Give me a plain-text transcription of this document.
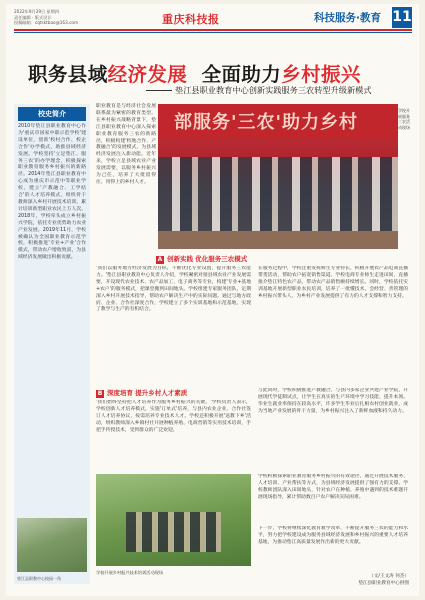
2022年9月29日 星期四
责任编辑 · 版式设计
投稿邮箱：cqtsktbao@163.com	重庆科技报	科技服务·教育 11
职务县域经济发展 全面助力乡村振兴
垫江县职业教育中心创新实践服务三农转型升级新模式
校史简介
2010年垫江县职业教育中心作为'重庆市国家中职示范学校'建设单位，创新'校村合作、校企合作'办学模式，助推县域经济发展。学校坚持'立足垫江、服务三农'的办学理念，积极探索职业教育服务乡村振兴的新路径。2014年垫江县职业教育中心成为重庆市示范中等职业学校，建立'产教融合、工学结合'的人才培养模式，组织骨干教师深入乡村开展技术培训，累计培训新型职业农民上万人次。2018年，学校牵头成立乡村振兴学院，依托专业优势助力农业产业发展。2019年11月，学校被确认为全国职业教育示范学校，积极推进'专业+产业'合作模式，带动农户增收致富，为县域经济发展做出积极贡献。
垫江县职教中心校园一角
职业教育是与经济社会发展联系最为紧密的教育类型。在乡村振兴战略背景下，垫江县职业教育中心深入探索职业教育服务三农的新路径，积极构建'校地合作、产教融合'的发展模式，为县域经济发展注入新动能。近年来，学校立足县域农业产业发展需要，以服务乡村振兴为己任，培养了大批留得住、用得上的乡村人才。
部服务'三农'助力乡村
学校开展服务三农活动现场
A 创新实践 优化服务三农模式
'我们以服务地方经济发展为目标，不断优化专业设置，提升服务三农能力。'垫江县职业教育中心负责人介绍，学校紧密对接县域农业产业发展需要，开设现代农业技术、农产品加工、电子商务等专业，构建'专业+基地+农户'的服务模式，把课堂搬到田间地头。学校组建专家服务团队，定期深入乡村开展技术指导，帮助农户解决生产中的实际问题。通过与地方政府、企业、合作社深度合作，学校建立了多个实训基地和示范基地，实现了教学与生产的有机结合。
在服务过程中，学校注重发挥师生专业特长，积极开展农产品电商直播带货活动，帮助农户拓宽销售渠道。学校电商专业师生走进田间，直播推介垫江特色农产品，带动农产品销售额持续增长。同时，学校依托实训基地开展新型职业农民培训，培养了一批懂技术、会经营、善管理的乡村振兴带头人，为乡村产业发展提供了有力的人才支撑和智力支持。
B 深度培育 提升乡村人才素质
'我们始终坚持把人才培养作为服务乡村振兴的关键。'学校负责人表示，学校创新人才培养模式，实施'订单式'培养，与县内农业企业、合作社签订人才培养协议，按需培养专业技术人才。学校还积极开展'送教下乡'活动，组织教师深入乡镇村社开展种植养殖、电商营销等实用技术培训，手把手传授技术，受到群众的广泛欢迎。
与此同时，学校积极推进产教融合，与县内多家企业共建产业学院，开展现代学徒制试点，让学生在真实的生产环境中学习技能、提升本领。毕业生就业率保持在较高水平，许多学生毕业后扎根农村创业就业，成为当地产业发展的骨干力量，为乡村振兴注入了新鲜血液和持久动力。
学校积极探索职业教育服务乡村振兴的有效途径，通过开展技术服务、人才培训、产业帮扶等方式，为县域经济发展提供了强有力的支撑。学校教师团队深入田间地头，针对农户在种植、养殖中遇到的技术难题开展现场指导，累计帮助数百户农户解决实际困难。
下一步，学校将继续深化教育教学改革，不断提升服务三农的能力和水平，努力把学校建设成为服务县域经济发展和乡村振兴的重要人才培养基地，为推动垫江高质量发展作出新的更大贡献。
学校开展乡村振兴技术培训活动现场
（文/王文涛 何杰）
垫江县职业教育中心供图
